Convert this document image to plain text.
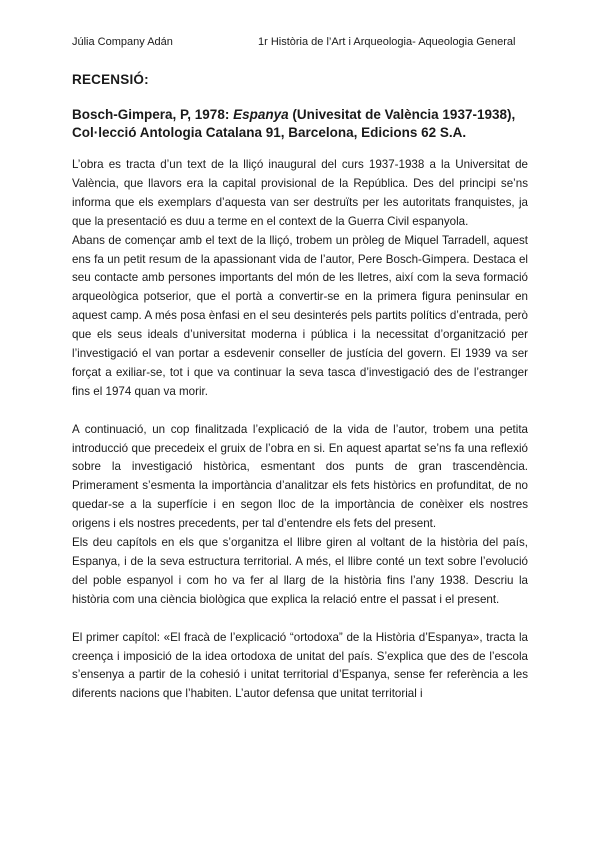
Júlia Company Adán	1r Història de l’Art i Arqueologia- Aqueologia General
RECENSIÓ:
Bosch-Gimpera, P, 1978: Espanya (Univesitat de València 1937-1938), Col·lecció Antologia Catalana 91, Barcelona, Edicions 62 S.A.

L’obra es tracta d’un text de la lliçó inaugural del curs 1937-1938 a la Universitat de València, que llavors era la capital provisional de la República. Des del principi se’ns informa que els exemplars d’aquesta van ser destruïts per les autoritats franquistes, ja que la presentació es duu a terme en el context de la Guerra Civil espanyola.

Abans de començar amb el text de la lliçó, trobem un pròleg de Miquel Tarradell, aquest ens fa un petit resum de la apassionant vida de l’autor, Pere Bosch-Gimpera. Destaca el seu contacte amb persones importants del món de les lletres, així com la seva formació arqueològica potserior, que el portà a convertir-se en la primera figura peninsular en aquest camp. A més posa ènfasi en el seu desinterés pels partits polítics d’entrada, però que els seus ideals d’universitat moderna i pública i la necessitat d’organització per l’investigació el van portar a esdevenir conseller de justícia del govern. El 1939 va ser forçat a exiliar-se, tot i que va continuar la seva tasca d’investigació des de l’estranger fins el 1974 quan va morir.

A continuació, un cop finalitzada l’explicació de la vida de l’autor, trobem una petita introducció que precedeix el gruix de l’obra en si. En aquest apartat se’ns fa una reflexió sobre la investigació històrica, esmentant dos punts de gran trascendència. Primerament s’esmenta la importància d’analitzar els fets històrics en profunditat, de no quedar-se a la superfície i en segon lloc de la importància de conèixer els nostres origens i els nostres precedents, per tal d’entendre els fets del present.

Els deu capítols en els que s’organitza el llibre giren al voltant de la història del país, Espanya, i de la seva estructura territorial. A més, el llibre conté un text sobre l’evolució del poble espanyol i com ho va fer al llarg de la història fins l’any 1938. Descriu la història com una ciència biològica que explica la relació entre el passat i el present.

El primer capítol: «El fracà de l’explicació “ortodoxa” de la Història d’Espanya», tracta la creença i imposició de la idea ortodoxa de unitat del país. S’explica que des de l’escola s’ensenya a partir de la cohesió i unitat territorial d’Espanya, sense fer referència a les diferents nacions que l’habiten. L’autor defensa que unitat territorial i
